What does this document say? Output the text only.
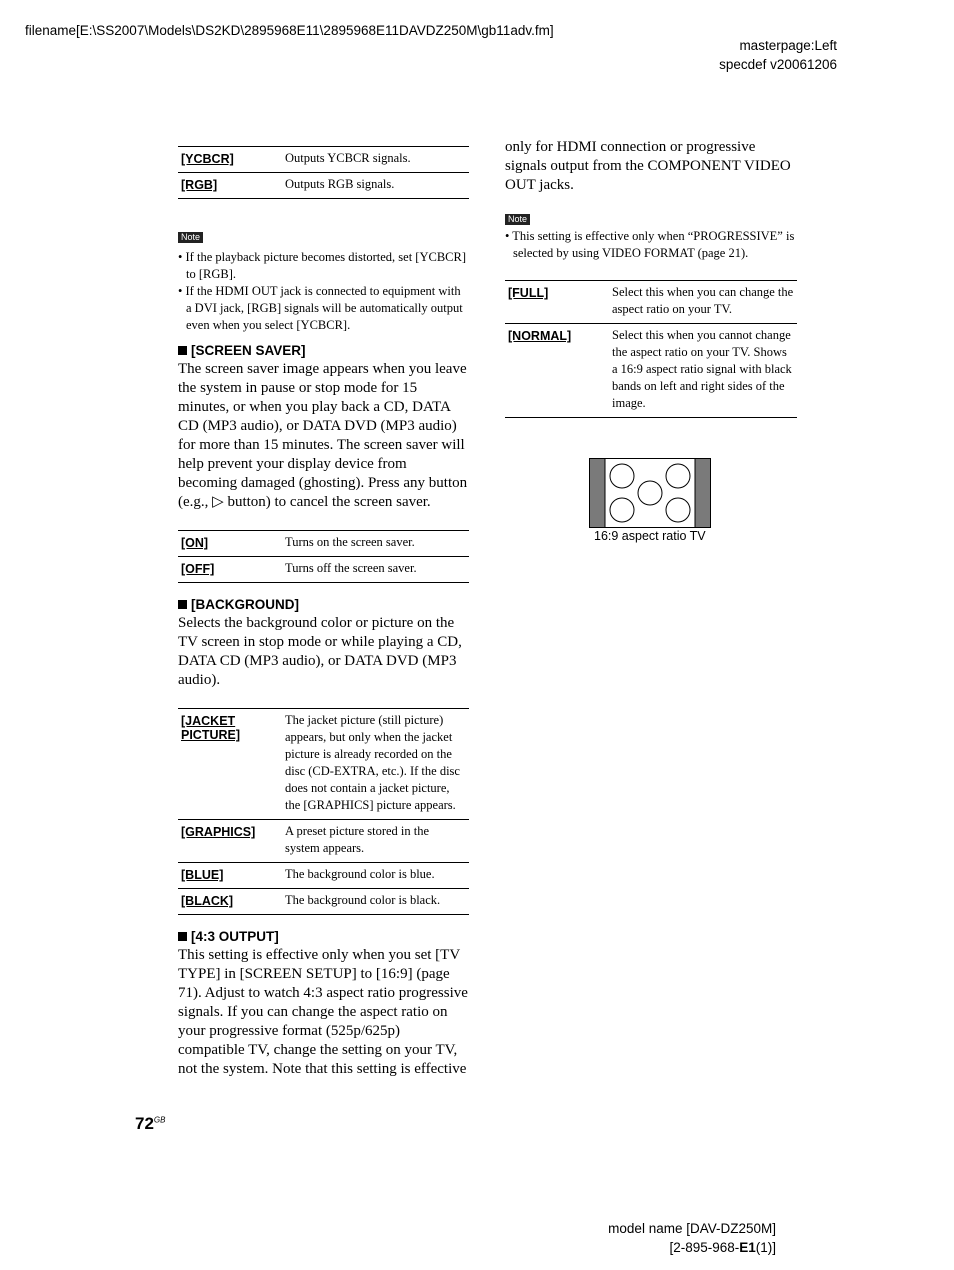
filename[E:\SS2007\Models\DS2KD\2895968E11\2895968E11DAVDZ250M\gb11adv.fm]
masterpage:Left
specdef v20061206
[YCBCR]	Outputs YCBCR signals.
[RGB]	Outputs RGB signals.
Note
• If the playback picture becomes distorted, set [YCBCR] to [RGB].
• If the HDMI OUT jack is connected to equipment with a DVI jack, [RGB] signals will be automatically output even when you select [YCBCR].

[SCREEN SAVER]

The screen saver image appears when you leave the system in pause or stop mode for 15 minutes, or when you play back a CD, DATA CD (MP3 audio), or DATA DVD (MP3 audio) for more than 15 minutes. The screen saver will help prevent your display device from becoming damaged (ghosting). Press any button (e.g., ▷ button) to cancel the screen saver.

[ON]	Turns on the screen saver.
[OFF]	Turns off the screen saver.

[BACKGROUND]

Selects the background color or picture on the TV screen in stop mode or while playing a CD, DATA CD (MP3 audio), or DATA DVD (MP3 audio).

[JACKET PICTURE]	The jacket picture (still picture) appears, but only when the jacket picture is already recorded on the disc (CD-EXTRA, etc.). If the disc does not contain a jacket picture, the [GRAPHICS] picture appears.
[GRAPHICS]	A preset picture stored in the system appears.
[BLUE]	The background color is blue.
[BLACK]	The background color is black.

[4:3 OUTPUT]

This setting is effective only when you set [TV TYPE] in [SCREEN SETUP] to [16:9] (page 71). Adjust to watch 4:3 aspect ratio progressive signals. If you can change the aspect ratio on your progressive format (525p/625p) compatible TV, change the setting on your TV, not the system. Note that this setting is effective

only for HDMI connection or progressive signals output from the COMPONENT VIDEO OUT jacks.

Note
• This setting is effective only when “PROGRESSIVE” is selected by using VIDEO FORMAT (page 21).
[FULL]	Select this when you can change the aspect ratio on your TV.
[NORMAL]	Select this when you cannot change the aspect ratio on your TV. Shows a 16:9 aspect ratio signal with black bands on left and right sides of the image.
16:9 aspect ratio TV
$72^{GB}$
model name [DAV-DZ250M]
[2-895-968-E1(1)]
